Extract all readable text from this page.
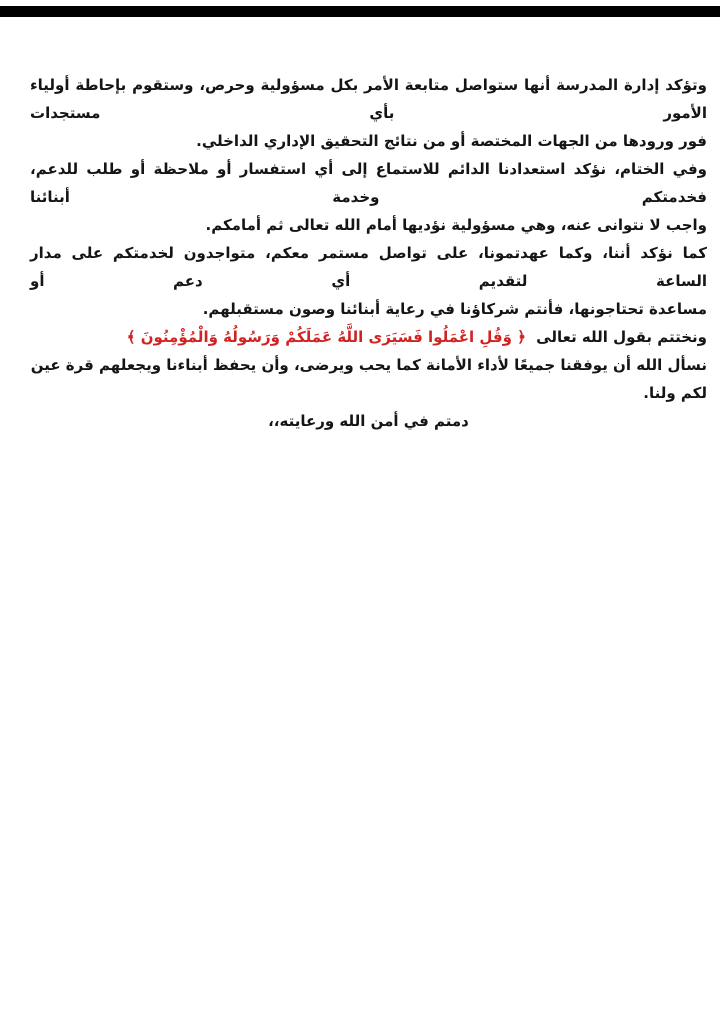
وتؤكد إدارة المدرسة أنها ستواصل متابعة الأمر بكل مسؤولية وحرص، وستقوم بإحاطة أولياء الأمور بأي مستجدات
فور ورودها من الجهات المختصة أو من نتائج التحقيق الإداري الداخلي.
وفي الختام، نؤكد استعدادنا الدائم للاستماع إلى أي استفسار أو ملاحظة أو طلب للدعم، فخدمتكم وخدمة أبنائنا
واجب لا نتوانى عنه، وهي مسؤولية نؤديها أمام الله تعالى ثم أمامكم.
كما نؤكد أننا، وكما عهدتمونا، على تواصل مستمر معكم، متواجدون لخدمتكم على مدار الساعة لتقديم أي دعم أو
مساعدة تحتاجونها، فأنتم شركاؤنا في رعاية أبنائنا وصون مستقبلهم.
ونختتم بقول الله تعالى ﴿ وَقُلِ اعْمَلُوا فَسَيَرَى اللَّهُ عَمَلَكُمْ وَرَسُولُهُ وَالْمُؤْمِنُونَ ﴾
نسأل الله أن يوفقنا جميعًا لأداء الأمانة كما يحب ويرضى، وأن يحفظ أبناءنا ويجعلهم قرة عين لكم ولنا.
دمتم في أمن الله ورعايته،،
